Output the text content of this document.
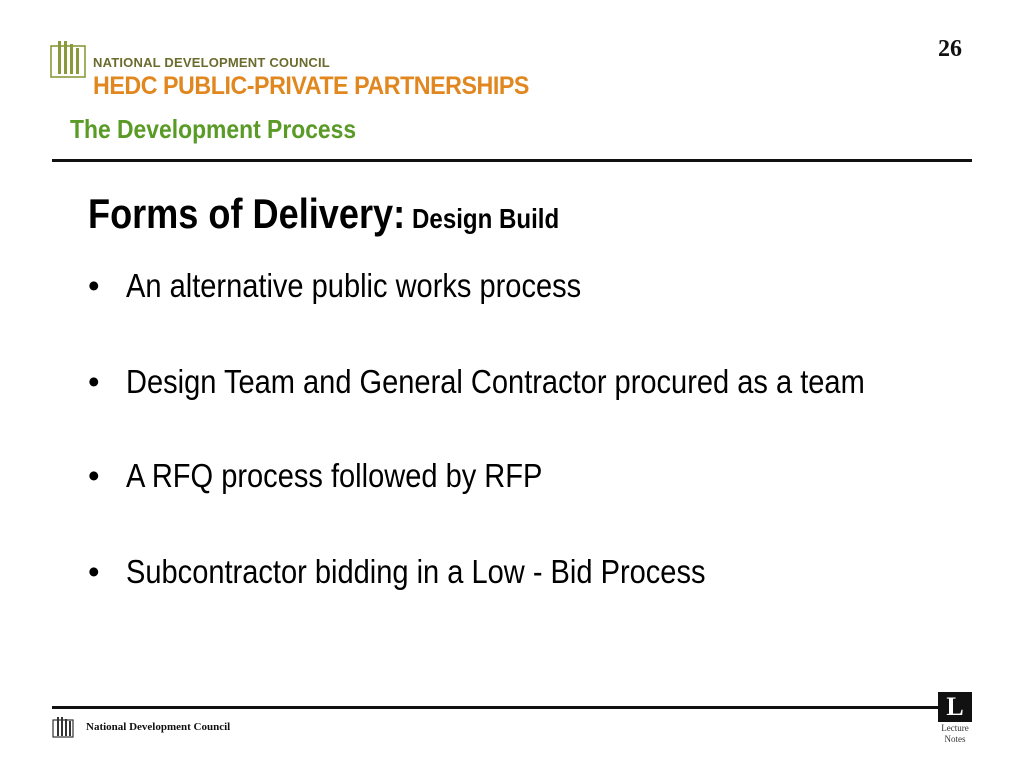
NATIONAL DEVELOPMENT COUNCIL
HEDC PUBLIC-PRIVATE PARTNERSHIPS
The Development Process
26
Forms of Delivery: Design Build
• An alternative public works process
• Design Team and General Contractor procured as a team
• A RFQ process followed by RFP
• Subcontractor bidding in a Low - Bid Process
National Development Council
L
Lecture
Notes
